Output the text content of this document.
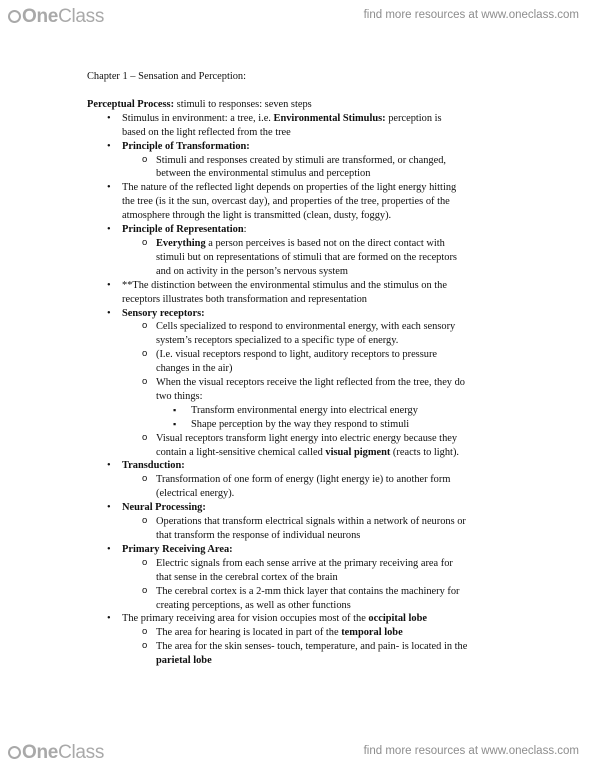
OneClass	find more resources at www.oneclass.com
Chapter 1 – Sensation and Perception:
Perceptual Process: stimuli to responses: seven steps
• Stimulus in environment: a tree, i.e. Environmental Stimulus: perception is
based on the light reflected from the tree
• Principle of Transformation:
o Stimuli and responses created by stimuli are transformed, or changed,
between the environmental stimulus and perception
• The nature of the reflected light depends on properties of the light energy hitting
the tree (is it the sun, overcast day), and properties of the tree, properties of the
atmosphere through the light is transmitted (clean, dusty, foggy).
• Principle of Representation:
o Everything a person perceives is based not on the direct contact with
stimuli but on representations of stimuli that are formed on the receptors
and on activity in the person’s nervous system
• **The distinction between the environmental stimulus and the stimulus on the
receptors illustrates both transformation and representation
• Sensory receptors:
o Cells specialized to respond to environmental energy, with each sensory
system’s receptors specialized to a specific type of energy.
o (I.e. visual receptors respond to light, auditory receptors to pressure
changes in the air)
o When the visual receptors receive the light reflected from the tree, they do
two things:
▪ Transform environmental energy into electrical energy
▪ Shape perception by the way they respond to stimuli
o Visual receptors transform light energy into electric energy because they
contain a light-sensitive chemical called visual pigment (reacts to light).
• Transduction:
o Transformation of one form of energy (light energy ie) to another form
(electrical energy).
• Neural Processing:
o Operations that transform electrical signals within a network of neurons or
that transform the response of individual neurons
• Primary Receiving Area:
o Electric signals from each sense arrive at the primary receiving area for
that sense in the cerebral cortex of the brain
o The cerebral cortex is a 2-mm thick layer that contains the machinery for
creating perceptions, as well as other functions
• The primary receiving area for vision occupies most of the occipital lobe
o The area for hearing is located in part of the temporal lobe
o The area for the skin senses- touch, temperature, and pain- is located in the
parietal lobe
OneClass	find more resources at www.oneclass.com
